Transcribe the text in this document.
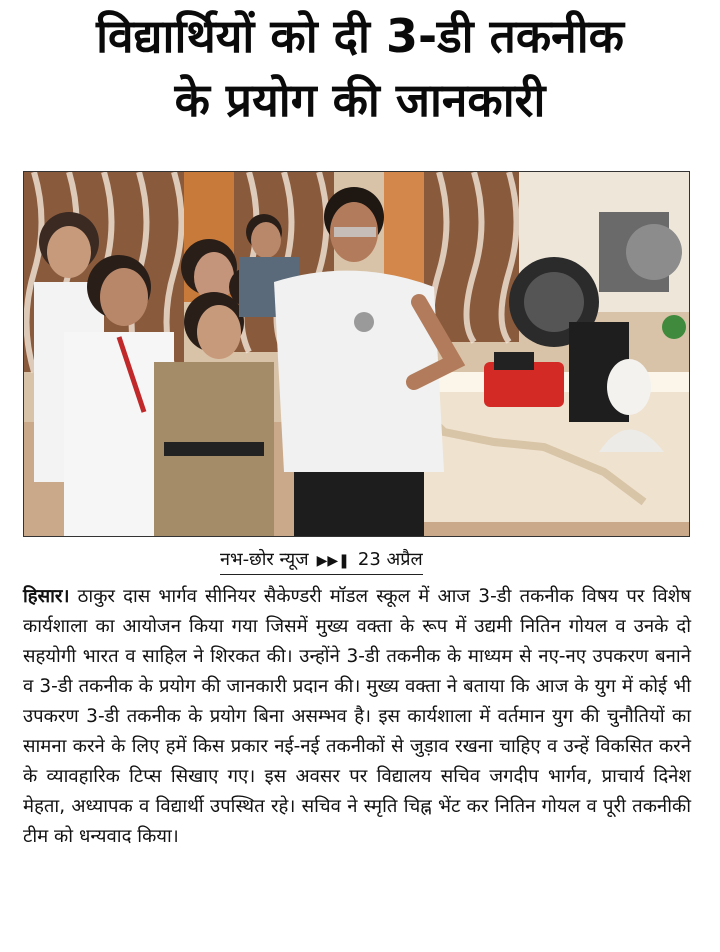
विद्यार्थियों को दी 3-डी तकनीक
के प्रयोग की जानकारी
नभ-छोर न्यूज ▶▶❚ 23 अप्रैल
हिसार। ठाकुर दास भार्गव सीनियर सैकेण्डरी मॉडल स्कूल में आज 3-डी तकनीक विषय पर विशेष कार्यशाला का आयोजन किया गया जिसमें मुख्य वक्ता के रूप में उद्यमी नितिन गोयल व उनके दो सहयोगी भारत व साहिल ने शिरकत की। उन्होंने 3-डी तकनीक के माध्यम से नए-नए उपकरण बनाने व 3-डी तकनीक के प्रयोग की जानकारी प्रदान की। मुख्य वक्ता ने बताया कि आज के युग में कोई भी उपकरण 3-डी तकनीक के प्रयोग बिना असम्भव है। इस कार्यशाला में वर्तमान युग की चुनौतियों का सामना करने के लिए हमें किस प्रकार नई-नई तकनीकों से जुड़ाव रखना चाहिए व उन्हें विकसित करने के व्यावहारिक टिप्स सिखाए गए। इस अवसर पर विद्यालय सचिव जगदीप भार्गव, प्राचार्य दिनेश मेहता, अध्यापक व विद्यार्थी उपस्थित रहे। सचिव ने स्मृति चिह्न भेंट कर नितिन गोयल व पूरी तकनीकी टीम को धन्यवाद किया।
